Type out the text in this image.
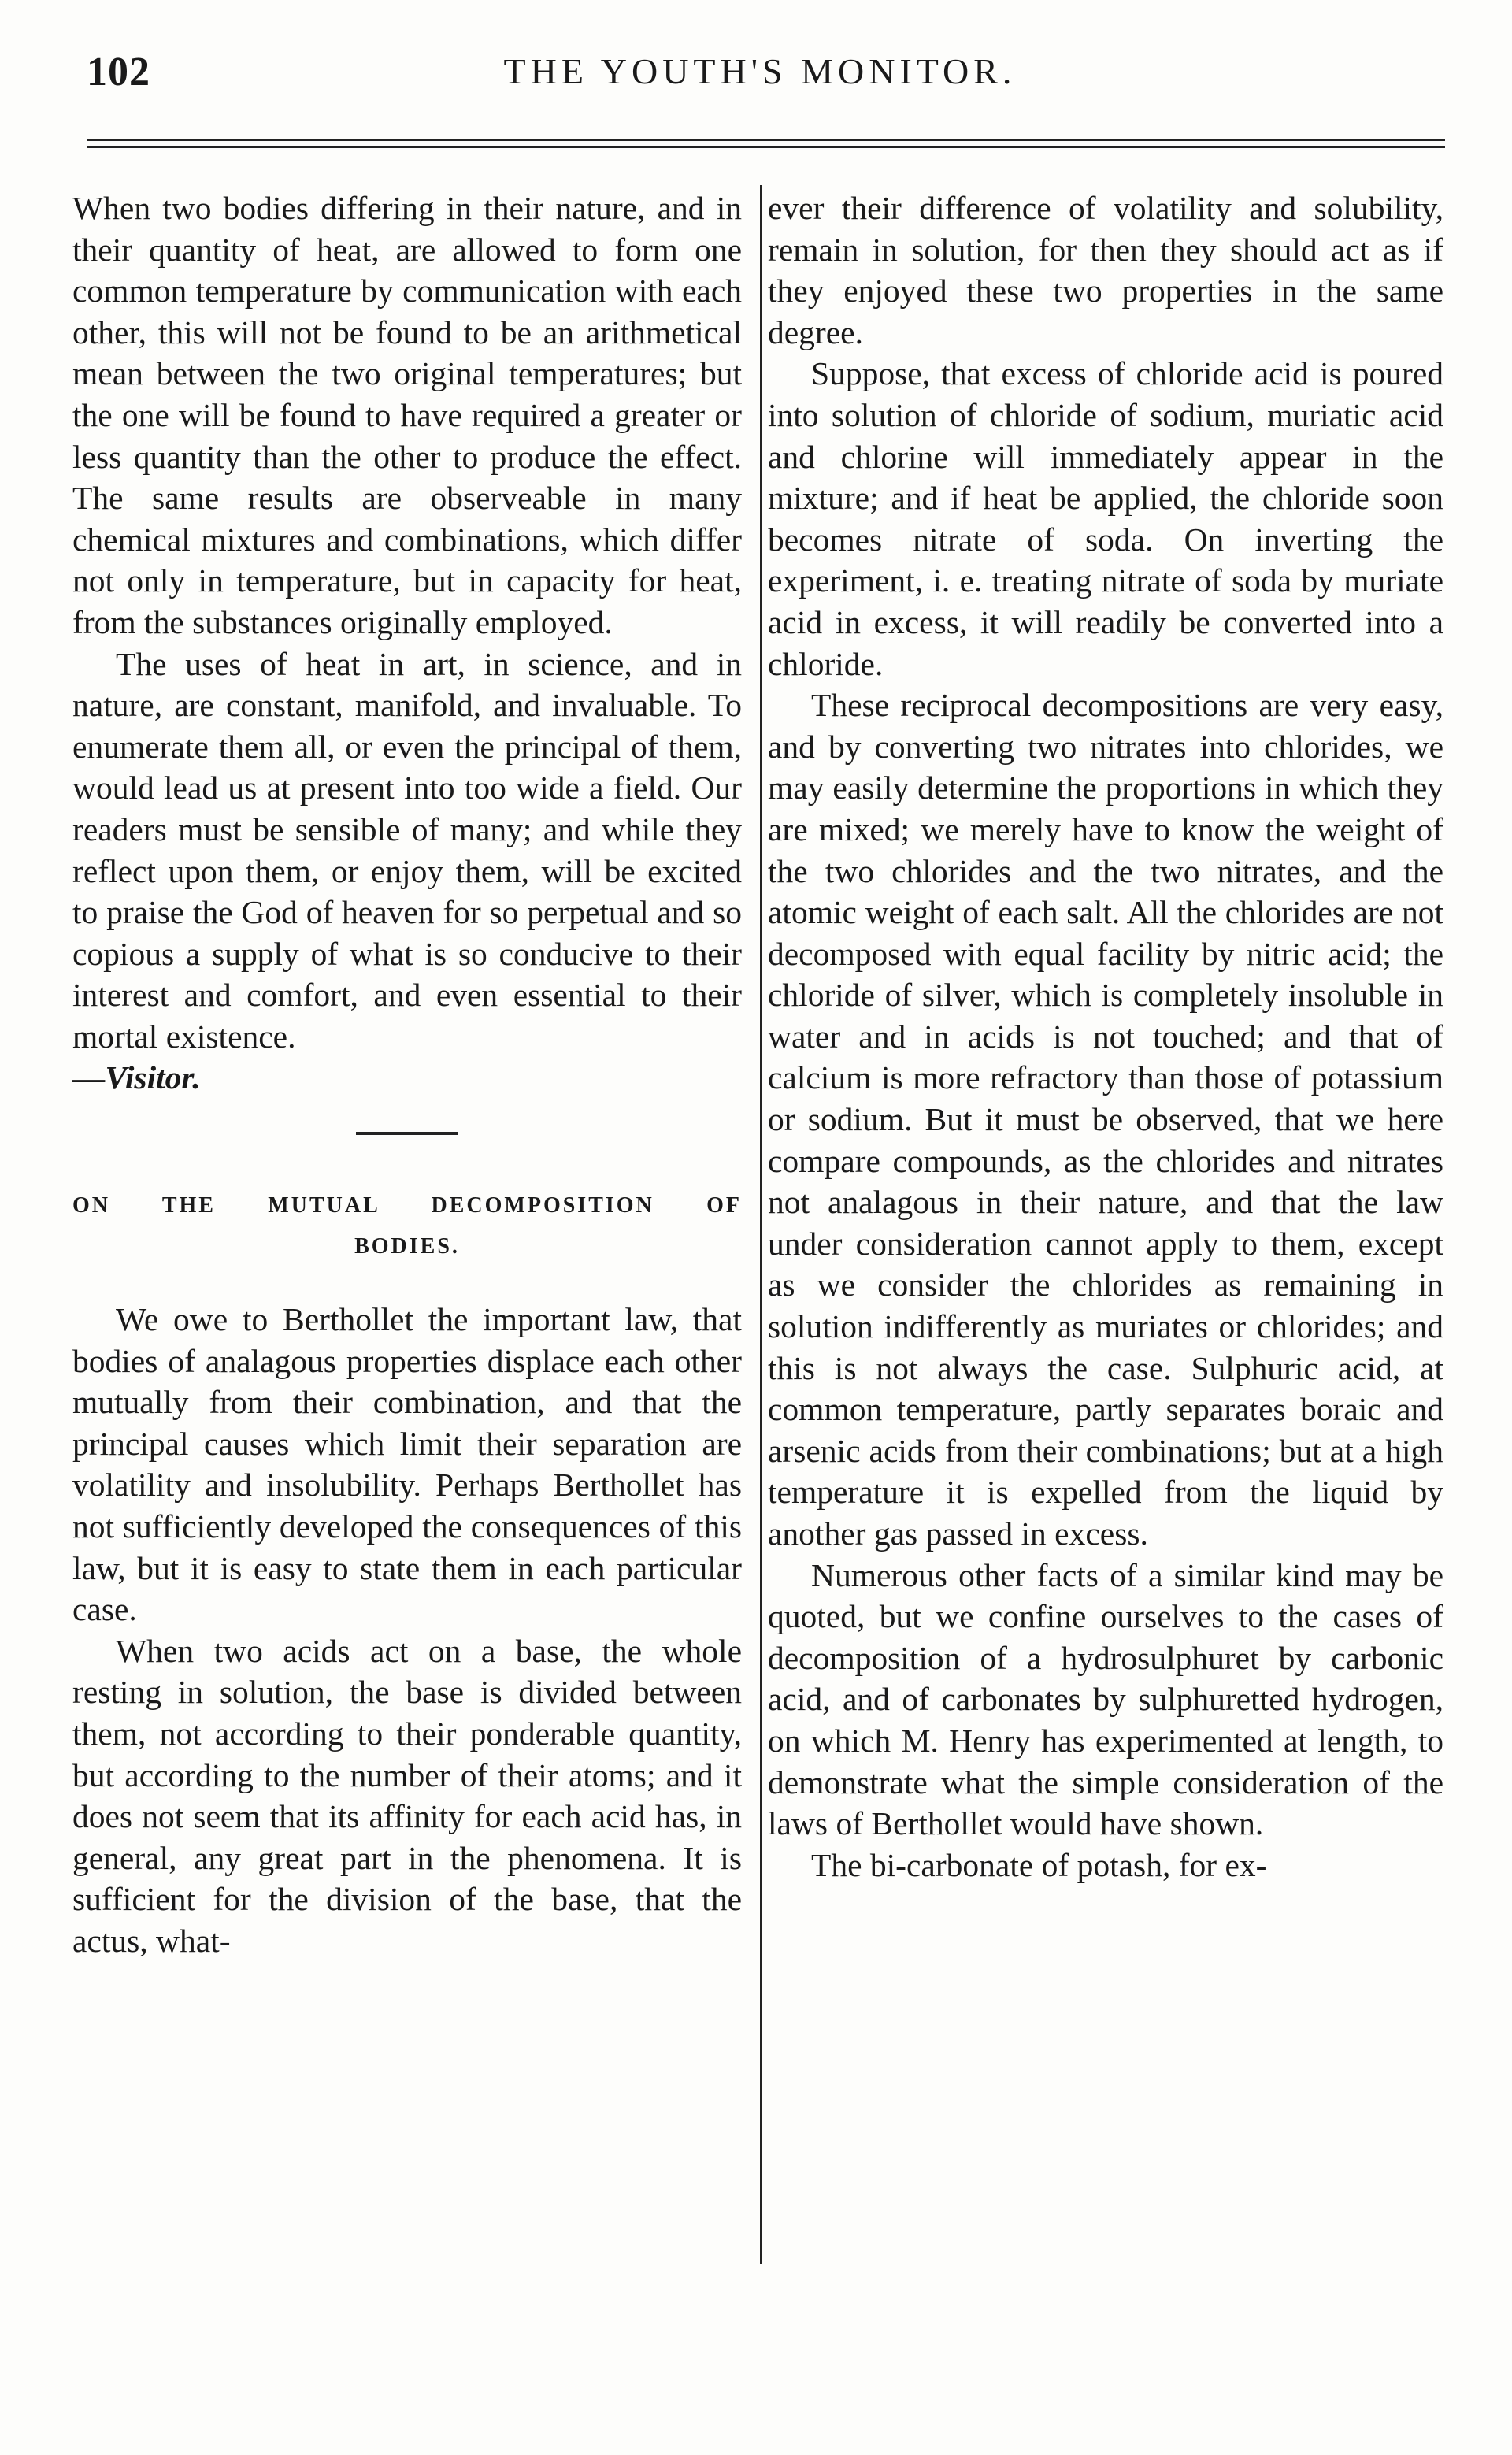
102	THE YOUTH'S MONITOR.

When two bodies differing in their nature, and in their quantity of heat, are allowed to form one common temperature by communication with each other, this will not be found to be an arithmetical mean between the two original temperatures; but the one will be found to have required a greater or less quantity than the other to produce the effect. The same results are observeable in many chemical mixtures and combinations, which differ not only in temperature, but in capacity for heat, from the substances originally employed.

The uses of heat in art, in science, and in nature, are constant, manifold, and invaluable. To enumerate them all, or even the principal of them, would lead us at present into too wide a field. Our readers must be sensible of many; and while they reflect upon them, or enjoy them, will be excited to praise the God of heaven for so perpetual and so copious a supply of what is so conducive to their interest and comfort, and even essential to their mortal existence.

—Visitor.

ON THE MUTUAL DECOMPOSITION OF
BODIES.

We owe to Berthollet the important law, that bodies of analagous properties displace each other mutually from their combination, and that the principal causes which limit their separation are volatility and insolubility. Perhaps Berthollet has not sufficiently developed the consequences of this law, but it is easy to state them in each particular case.

When two acids act on a base, the whole resting in solution, the base is divided between them, not according to their ponderable quantity, but according to the number of their atoms; and it does not seem that its affinity for each acid has, in general, any great part in the phenomena. It is sufficient for the division of the base, that the actus, what-

ever their difference of volatility and solubility, remain in solution, for then they should act as if they enjoyed these two properties in the same degree.

Suppose, that excess of chloride acid is poured into solution of chloride of sodium, muriatic acid and chlorine will immediately appear in the mixture; and if heat be applied, the chloride soon becomes nitrate of soda. On inverting the experiment, i. e. treating nitrate of soda by muriate acid in excess, it will readily be converted into a chloride.

These reciprocal decompositions are very easy, and by converting two nitrates into chlorides, we may easily determine the proportions in which they are mixed; we merely have to know the weight of the two chlorides and the two nitrates, and the atomic weight of each salt. All the chlorides are not decomposed with equal facility by nitric acid; the chloride of silver, which is completely insoluble in water and in acids is not touched; and that of calcium is more refractory than those of potassium or sodium. But it must be observed, that we here compare compounds, as the chlorides and nitrates not analagous in their nature, and that the law under consideration cannot apply to them, except as we consider the chlorides as remaining in solution indifferently as muriates or chlorides; and this is not always the case. Sulphuric acid, at common temperature, partly separates boraic and arsenic acids from their combinations; but at a high temperature it is expelled from the liquid by another gas passed in excess.

Numerous other facts of a similar kind may be quoted, but we confine ourselves to the cases of decomposition of a hydrosulphuret by carbonic acid, and of carbonates by sulphuretted hydrogen, on which M. Henry has experimented at length, to demonstrate what the simple consideration of the laws of Berthollet would have shown.

The bi-carbonate of potash, for ex-
